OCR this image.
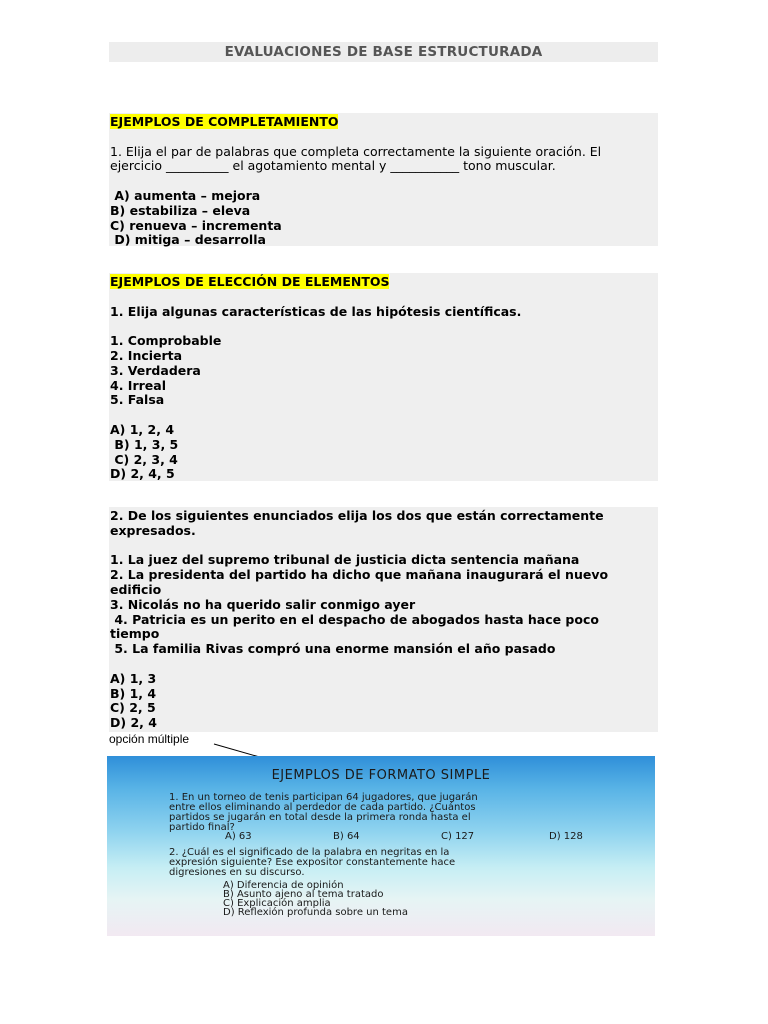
EVALUACIONES DE BASE ESTRUCTURADA
EJEMPLOS DE COMPLETAMIENTO
1. Elija el par de palabras que completa correctamente la siguiente oración. El
ejercicio __________ el agotamiento mental y ___________ tono muscular.
A) aumenta – mejora
B) estabiliza – eleva
C) renueva – incrementa
D) mitiga – desarrolla
EJEMPLOS DE ELECCIÓN DE ELEMENTOS
1. Elija algunas características de las hipótesis científicas.
1. Comprobable
2. Incierta
3. Verdadera
4. Irreal
5. Falsa
A) 1, 2, 4
B) 1, 3, 5
C) 2, 3, 4
D) 2, 4, 5
2. De los siguientes enunciados elija los dos que están correctamente
expresados.
1. La juez del supremo tribunal de justicia dicta sentencia mañana
2. La presidenta del partido ha dicho que mañana inaugurará el nuevo
edificio
3. Nicolás no ha querido salir conmigo ayer
4. Patricia es un perito en el despacho de abogados hasta hace poco
tiempo
5. La familia Rivas compró una enorme mansión el año pasado
A) 1, 3
B) 1, 4
C) 2, 5
D) 2, 4
opción múltiple
EJEMPLOS DE FORMATO SIMPLE
1. En un torneo de tenis participan 64 jugadores, que jugarán
entre ellos eliminando al perdedor de cada partido. ¿Cuántos
partidos se jugarán en total desde la primera ronda hasta el
partido final?
A) 63	B) 64	C) 127	D) 128
2. ¿Cuál es el significado de la palabra en negritas en la
expresión siguiente? Ese expositor constantemente hace
digresiones en su discurso.
A) Diferencia de opinión
B) Asunto ajeno al tema tratado
C) Explicación amplia
D) Reflexión profunda sobre un tema
